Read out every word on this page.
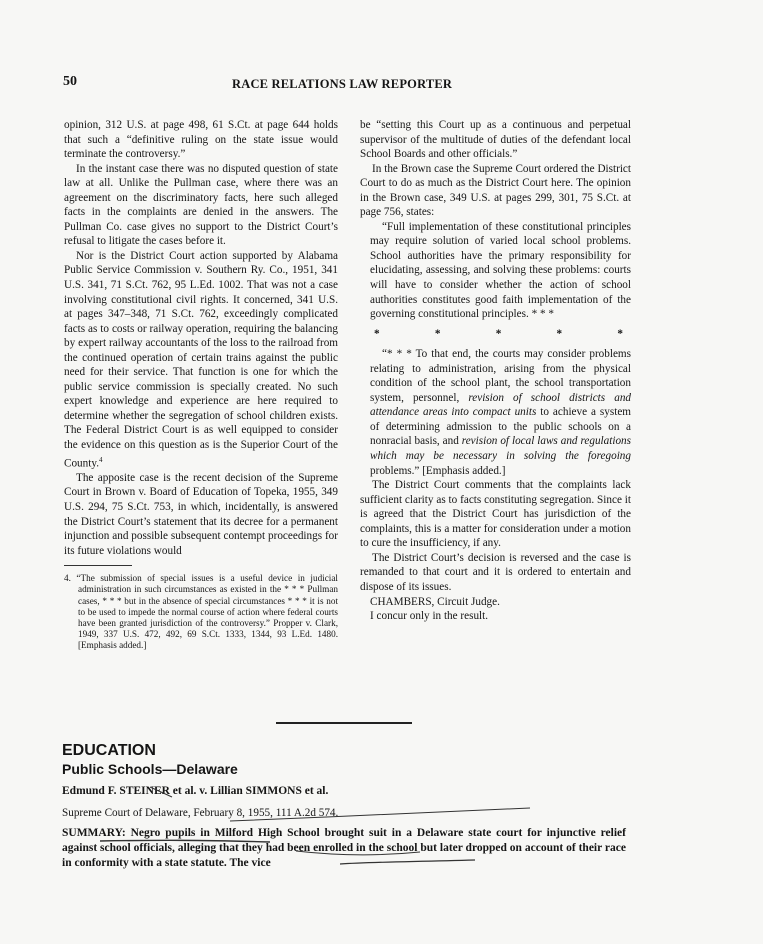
50	RACE RELATIONS LAW REPORTER

opinion, 312 U.S. at page 498, 61 S.Ct. at page 644 holds that such a “definitive ruling on the state issue would terminate the controversy.”

In the instant case there was no disputed question of state law at all. Unlike the Pullman case, where there was an agreement on the discriminatory facts, here such alleged facts in the complaints are denied in the answers. The Pullman Co. case gives no support to the District Court’s refusal to litigate the cases before it.

Nor is the District Court action supported by Alabama Public Service Commission v. Southern Ry. Co., 1951, 341 U.S. 341, 71 S.Ct. 762, 95 L.Ed. 1002. That was not a case involving constitutional civil rights. It concerned, 341 U.S. at pages 347–348, 71 S.Ct. 762, exceedingly complicated facts as to costs or railway operation, requiring the balancing by expert railway accountants of the loss to the railroad from the continued operation of certain trains against the public need for their service. That function is one for which the public service commission is specially created. No such expert knowledge and experience are here required to determine whether the segregation of school children exists. The Federal District Court is as well equipped to consider the evidence on this question as is the Superior Court of the County.$^4$

The apposite case is the recent decision of the Supreme Court in Brown v. Board of Education of Topeka, 1955, 349 U.S. 294, 75 S.Ct. 753, in which, incidentally, is answered the District Court’s statement that its decree for a permanent injunction and possible subsequent contempt proceedings for its future violations would

4. “The submission of special issues is a useful device in judicial administration in such circumstances as existed in the * * * Pullman cases, * * * but in the absence of special circumstances * * * it is not to be used to impede the normal course of action where federal courts have been granted jurisdiction of the controversy.” Propper v. Clark, 1949, 337 U.S. 472, 492, 69 S.Ct. 1333, 1344, 93 L.Ed. 1480. [Emphasis added.]

be “setting this Court up as a continuous and perpetual supervisor of the multitude of duties of the defendant local School Boards and other officials.”

In the Brown case the Supreme Court ordered the District Court to do as much as the District Court here. The opinion in the Brown case, 349 U.S. at pages 299, 301, 75 S.Ct. at page 756, states:

“Full implementation of these constitutional principles may require solution of varied local school problems. School authorities have the primary responsibility for elucidating, assessing, and solving these problems: courts will have to consider whether the action of school authorities constitutes good faith implementation of the governing constitutional principles. * * *

*	*	*	*	*

“* * * To that end, the courts may consider problems relating to administration, arising from the physical condition of the school plant, the school transportation system, personnel, revision of school districts and attendance areas into compact units to achieve a system of determining admission to the public schools on a nonracial basis, and revision of local laws and regulations which may be necessary in solving the foregoing problems.” [Emphasis added.]

The District Court comments that the complaints lack sufficient clarity as to facts constituting segregation. Since it is agreed that the District Court has jurisdiction of the complaints, this is a matter for consideration under a motion to cure the insufficiency, if any.

The District Court’s decision is reversed and the case is remanded to that court and it is ordered to entertain and dispose of its issues.

CHAMBERS, Circuit Judge.

I concur only in the result.

EDUCATION
Public Schools—Delaware
Edmund F. STEINER et al. v. Lillian SIMMONS et al.
Supreme Court of Delaware, February 8, 1955, 111 A.2d 574.
SUMMARY: Negro pupils in Milford High School brought suit in a Delaware state court for injunctive relief against school officials, alleging that they had been enrolled in the school but later dropped on account of their race in conformity with a state statute. The vice
